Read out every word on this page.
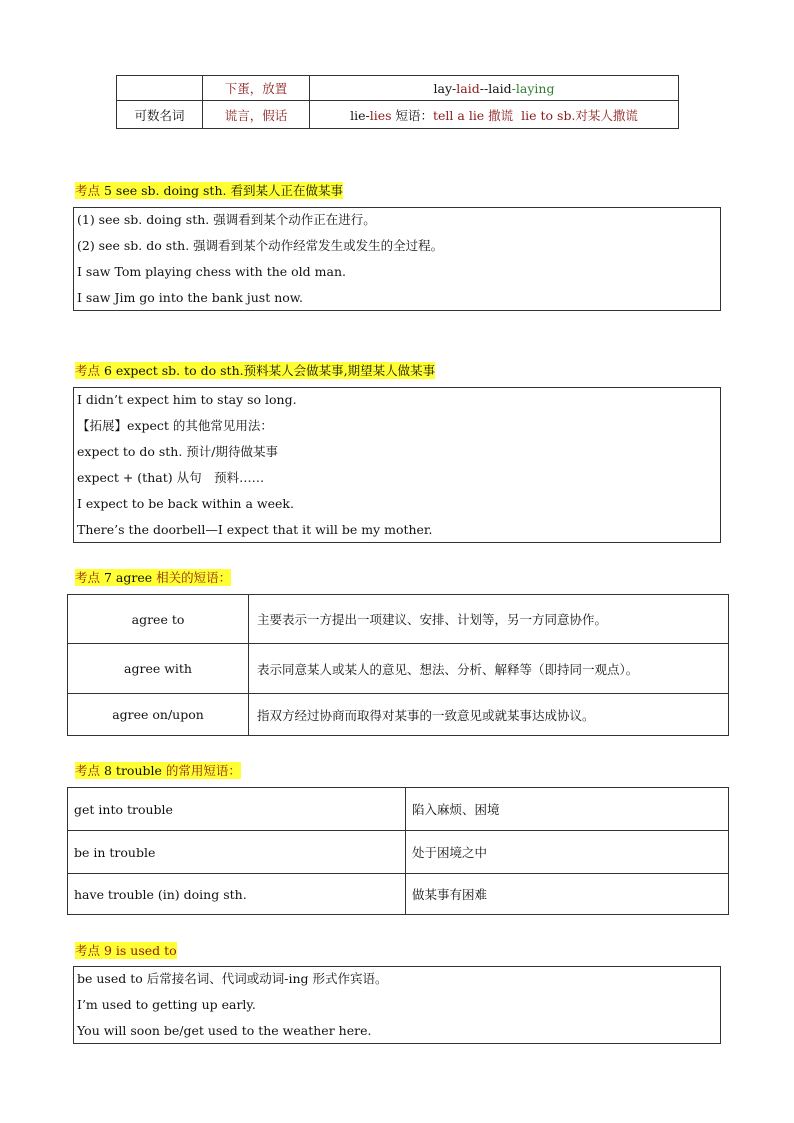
	下蛋，放置	lay-laid--laid-laying
可数名词	谎言，假话	lie-lies 短语：tell a lie 撒谎 lie to sb.对某人撒谎
考点 5 see sb. doing sth. 看到某人正在做某事
(1) see sb. doing sth. 强调看到某个动作正在进行。
(2) see sb. do sth. 强调看到某个动作经常发生或发生的全过程。
I saw Tom playing chess with the old man.
I saw Jim go into the bank just now.
考点 6 expect sb. to do sth.预料某人会做某事,期望某人做某事
I didn’t expect him to stay so long.
【拓展】expect 的其他常见用法：
expect to do sth. 预计/期待做某事
expect + (that) 从句　预料……
I expect to be back within a week.
There’s the doorbell—I expect that it will be my mother.
考点 7 agree 相关的短语：
agree to	主要表示一方提出一项建议、安排、计划等，另一方同意协作。
agree with	表示同意某人或某人的意见、想法、分析、解释等（即持同一观点）。
agree on/upon	指双方经过协商而取得对某事的一致意见或就某事达成协议。
考点 8 trouble 的常用短语：
get into trouble	陷入麻烦、困境
be in trouble	处于困境之中
have trouble (in) doing sth.	做某事有困难
考点 9 is used to
be used to 后常接名词、代词或动词-ing 形式作宾语。
I’m used to getting up early.
You will soon be/get used to the weather here.
